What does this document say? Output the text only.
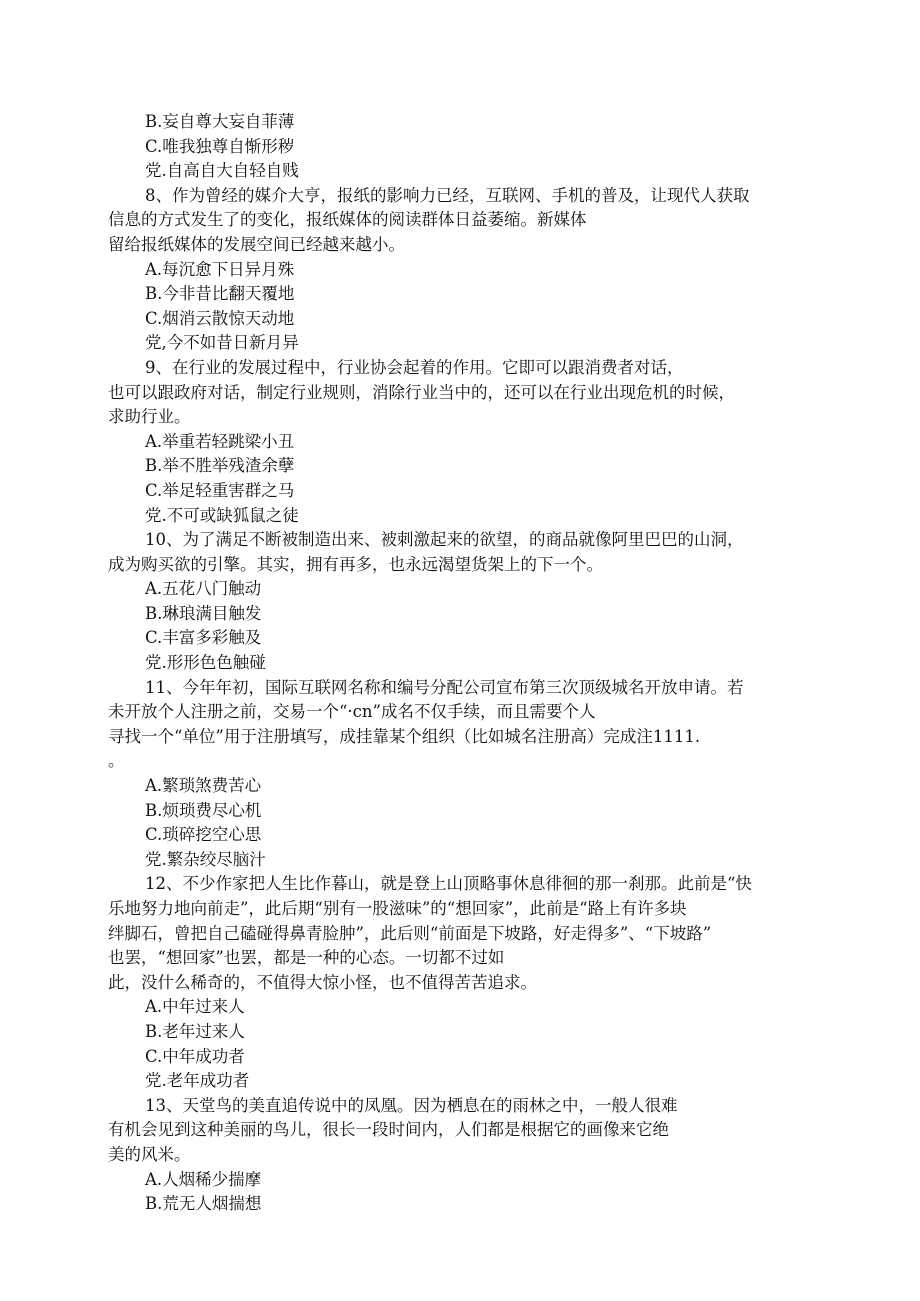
B.妄自尊大妄自菲薄
C.唯我独尊自惭形秽
党.自高自大自轻自贱
8、作为曾经的媒介大亨，报纸的影响力已经，互联网、手机的普及，让现代人获取
信息的方式发生了的变化，报纸媒体的阅读群体日益萎缩。新媒体
留给报纸媒体的发展空间已经越来越小。
A.每沉愈下日异月殊
B.今非昔比翻天覆地
C.烟消云散惊天动地
党,今不如昔日新月异
9、在行业的发展过程中，行业协会起着的作用。它即可以跟消费者对话，
也可以跟政府对话，制定行业规则，消除行业当中的，还可以在行业出现危机的时候，
求助行业。
A.举重若轻跳梁小丑
B.举不胜举残渣余孽
C.举足轻重害群之马
党.不可或缺狐鼠之徒
10、为了满足不断被制造出来、被刺激起来的欲望，的商品就像阿里巴巴的山洞，
成为购买欲的引擎。其实，拥有再多，也永远渴望货架上的下一个。
A.五花八门触动
B.琳琅满目触发
C.丰富多彩触及
党.形形色色触碰
11、今年年初，国际互联网名称和编号分配公司宣布第三次顶级城名开放申请。若
未开放个人注册之前，交易一个“·cn”成名不仅手续，而且需要个人
寻找一个“单位”用于注册填写，成挂靠某个组织（比如城名注册高）完成注1111.
。
A.繁琐煞费苦心
B.烦琐费尽心机
C.琐碎挖空心思
党.繁杂绞尽脑汁
12、不少作家把人生比作暮山，就是登上山顶略事休息徘徊的那一刹那。此前是“快
乐地努力地向前走”，此后期“别有一股滋味”的“想回家”，此前是“路上有许多块
绊脚石，曾把自己磕碰得鼻青脸肿”，此后则“前面是下坡路，好走得多”、“下坡路”
也罢，“想回家”也罢，都是一种的心态。一切都不过如
此，没什么稀奇的，不值得大惊小怪，也不值得苦苦追求。
A.中年过来人
B.老年过来人
C.中年成功者
党.老年成功者
13、天堂鸟的美直追传说中的凤凰。因为栖息在的雨林之中，一般人很难
有机会见到这种美丽的鸟儿，很长一段时间内，人们都是根据它的画像来它绝
美的风米。
A.人烟稀少揣摩
B.荒无人烟揣想
